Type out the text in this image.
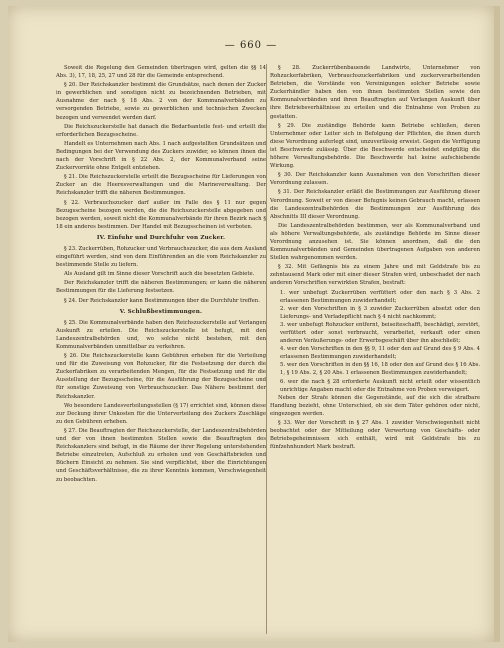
— 660 —

Soweit die Regelung den Gemeinden übertragen wird, gelten die §§ 14 Abs. 3), 17, 18, 25, 27 und 28 für die Gemeinde entsprechend.

§ 20. Der Reichskanzler bestimmt die Grundsätze, nach denen der Zucker in gewerblichen und sonstigen nicht zu bezeichnenden Betrieben, mit Ausnahme der nach § 18 Abs. 2 von der Kommunalverbänden zu versorgenden Betriebe, sowie zu gewerblichen und technischen Zwecken bezogen und verwendet werden darf.

Die Reichszuckerstelle hat danach die Bedarfsanteile fest- und erteilt die erforderlichen Bezugsscheine.

Handelt es Unternehmen nach Abs. 1 nach aufgestellten Grundsätzen und Bedingungen bei der Verwendung des Zuckers zuwider, so können ihnen die nach der Vorschrift in § 22 Abs. 2, der Kommunalverband seine Zuckervorräte ohne Entgelt entziehen.

§ 21. Die Reichszuckerstelle erteilt die Bezugsscheine für Lieferungen von Zucker an die Heeresverwaltungen und die Marineverwaltung. Der Reichskanzler trifft die näheren Bestimmungen.

§ 22. Verbrauchszucker darf außer im Falle des § 11 nur gegen Bezugsscheine bezogen werden, die die Reichszuckerstelle abgegeben und bezogen werden, soweit nicht die Kommunalverbände für ihren Bezirk nach § 18 ein anderes bestimmen. Der Handel mit Bezugsscheinen ist verboten.

IV. Einfuhr und Durchfuhr von Zucker.

§ 23. Zuckerrüben, Rohzucker und Verbrauchszucker, die aus dem Ausland eingeführt werden, sind von dem Einführenden an die vom Reichskanzler zu bestimmende Stelle zu liefern.

Als Ausland gilt im Sinne dieser Vorschrift auch die besetzten Gebiete.

Der Reichskanzler trifft die näheren Bestimmungen; er kann die näheren Bestimmungen für die Lieferung festsetzen.

§ 24. Der Reichskanzler kann Bestimmungen über die Durchfuhr treffen.

V. Schlußbestimmungen.

§ 25. Die Kommunalverbände haben den Reichszuckerstelle auf Verlangen Auskunft zu erteilen. Die Reichszuckerstelle ist befugt, mit den Landeszentralbehörden und, wo solche nicht bestehen, mit den Kommunalverbänden unmittelbar zu verkehren.

§ 26. Die Reichszuckerstelle kann Gebühren erheben für die Verteilung und für die Zuweisung von Rohzucker, für die Festsetzung der durch die Zuckerfabriken zu verarbeitenden Mengen, für die Festsetzung und für die Ausstellung der Bezugsscheine, für die Ausführung der Bezugsscheine und für sonstige Zuweisung von Verbrauchszucker. Das Nähere bestimmt der Reichskanzler.

Wo besondere Landesverteilungsstellen (§ 17) errichtet sind, können diese zur Deckung ihrer Unkosten für die Unterverteilung des Zuckers Zuschläge zu den Gebühren erheben.

§ 27. Die Beauftragten der Reichszuckerstelle, der Landeszentralbehörden und der von ihnen bestimmten Stellen sowie die Beauftragten des Reichskanzlers sind befugt, in die Räume der ihrer Regelung unterstehenden Betriebe einzutreten, Aufschluß zu erholen und von Geschäftsbriefen und Büchern Einsicht zu nehmen. Sie sind verpflichtet, über die Einrichtungen und Geschäftsverhältnisse, die zu ihrer Kenntnis kommen, Verschwiegenheit zu beobachten.

§ 28. Zuckerrübenbauende Landwirte, Unternehmer von Rohzuckerfabriken, Verbrauchszuckerfabriken und zuckerverarbeitenden Betrieben, die Vorstände von Vereinigungen solcher Betriebe sowie Zuckerhändler haben den von ihnen bestimmten Stellen sowie den Kommunalverbänden und ihren Beauftragten auf Verlangen Auskunft über ihre Betriebsverhältnisse zu erteilen und die Entnahme von Proben zu gestatten.

§ 29. Die zuständige Behörde kann Betriebe schließen, deren Unternehmer oder Leiter sich in Befolgung der Pflichten, die ihnen durch diese Verordnung auferlegt sind, unzuverlässig erweist. Gegen die Verfügung ist Beschwerde zulässig. Über die Beschwerde entscheidet endgültig die höhere Verwaltungsbehörde. Die Beschwerde hat keine aufschiebende Wirkung.

§ 30. Der Reichskanzler kann Ausnahmen von den Vorschriften dieser Verordnung zulassen.

§ 31. Der Reichskanzler erläßt die Bestimmungen zur Ausführung dieser Verordnung. Soweit er von dieser Befugnis keinen Gebrauch macht, erlassen die Landeszentralbehörden die Bestimmungen zur Ausführung des Abschnitts III dieser Verordnung.

Die Landeszentralbehörden bestimmen, wer als Kommunalverband und als höhere Verwaltungsbehörde, als zuständige Behörde im Sinne dieser Verordnung anzusehen ist. Sie können anordnen, daß die den Kommunalverbänden und Gemeinden übertragenen Aufgaben von anderen Stellen wahrgenommen werden.

§ 32. Mit Gefängnis bis zu einem Jahre und mit Geldstrafe bis zu zehntausend Mark oder mit einer dieser Strafen wird, unbeschadet der nach anderen Vorschriften verwirkten Strafen, bestraft:

1. wer unbefugt Zuckerrüben verfüttert oder den nach § 3 Abs. 2 erlassenen Bestimmungen zuwiderhandelt;
2. wer den Vorschriften in § 3 zuwider Zuckerrüben absetzt oder den Lieferungs- und Verladepflicht nach § 4 nicht nachkommt;
3. wer unbefugt Rohzucker entfernt, beiseiteschafft, beschädigt, zerstört, verfüttert oder sonst verbraucht, verarbeitet, verkauft oder einen anderen Veräußerungs- oder Erwerbsgeschäft über ihn abschließt;
4. wer den Vorschriften in den §§ 9, 11 oder den auf Grund des § 9 Abs. 4 erlassenen Bestimmungen zuwiderhandelt;
5. wer den Vorschriften in den §§ 16, 18 oder den auf Grund des § 16 Abs. 1, § 19 Abs. 2, § 20 Abs. 1 erlassenen Bestimmungen zuwiderhandelt;
6. wer die nach § 28 erforderte Auskunft nicht erteilt oder wissentlich unrichtige Angaben macht oder die Entnahme von Proben verweigert.

Neben der Strafe können die Gegenstände, auf die sich die strafbare Handlung bezieht, ohne Unterschied, ob sie dem Täter gehören oder nicht, eingezogen werden.

§ 33. Wer der Vorschrift in § 27 Abs. 1 zuwider Verschwiegenheit nicht beobachtet oder der Mitteilung oder Verwertung von Geschäfts- oder Betriebsgeheimnissen sich enthält, wird mit Geldstrafe bis zu fünfzehnhundert Mark bestraft.
